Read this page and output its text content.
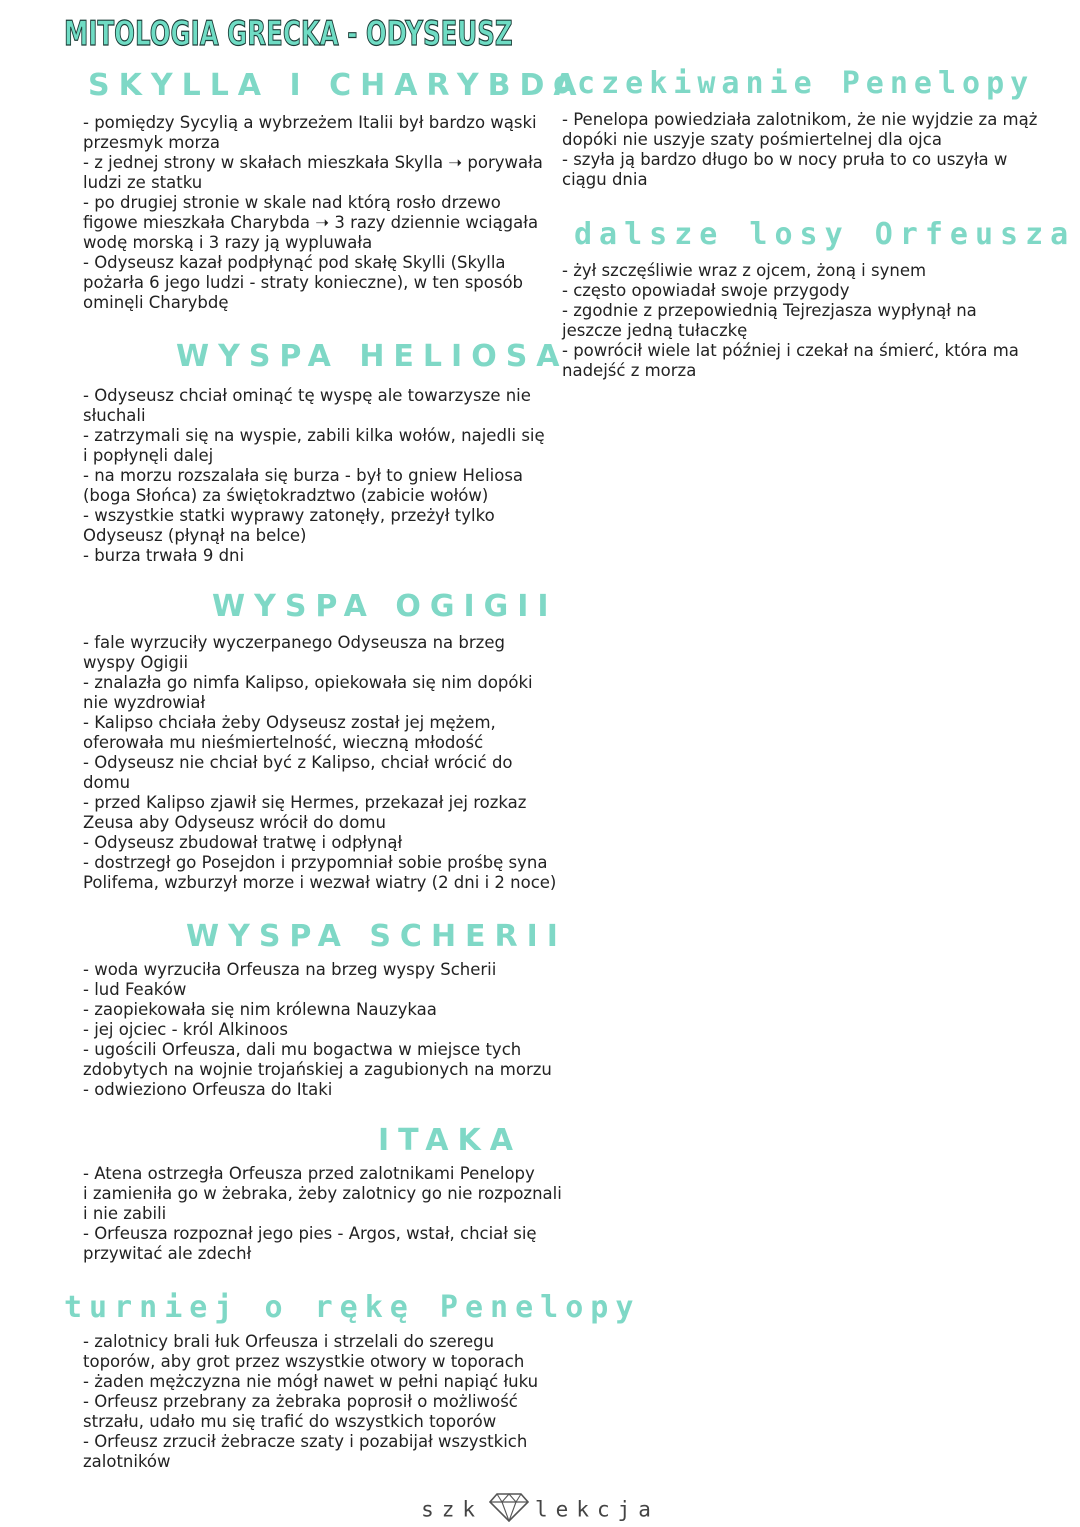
MITOLOGIA GRECKA - ODYSEUSZ
SKYLLA I CHARYBDA

- pomiędzy Sycylią a wybrzeżem Italii był bardzo wąski

przesmyk morza

- z jednej strony w skałach mieszkała Skylla ➝ porywała

ludzi ze statku

- po drugiej stronie w skale nad którą rosło drzewo

figowe mieszkała Charybda ➝ 3 razy dziennie wciągała

wodę morską i 3 razy ją wypluwała

- Odyseusz kazał podpłynąć pod skałę Skylli (Skylla

pożarła 6 jego ludzi - straty konieczne), w ten sposób

ominęli Charybdę

WYSPA HELIOSA

- Odyseusz chciał ominąć tę wyspę ale towarzysze nie

słuchali

- zatrzymali się na wyspie, zabili kilka wołów, najedli się

i popłynęli dalej

- na morzu rozszalała się burza - był to gniew Heliosa

(boga Słońca) za świętokradztwo (zabicie wołów)

- wszystkie statki wyprawy zatonęły, przeżył tylko

Odyseusz (płynął na belce)

- burza trwała 9 dni

WYSPA OGIGII

- fale wyrzuciły wyczerpanego Odyseusza na brzeg

wyspy Ogigii

- znalazła go nimfa Kalipso, opiekowała się nim dopóki

nie wyzdrowiał

- Kalipso chciała żeby Odyseusz został jej mężem,

oferowała mu nieśmiertelność, wieczną młodość

- Odyseusz nie chciał być z Kalipso, chciał wrócić do

domu

- przed Kalipso zjawił się Hermes, przekazał jej rozkaz

Zeusa aby Odyseusz wrócił do domu

- Odyseusz zbudował tratwę i odpłynął

- dostrzegł go Posejdon i przypomniał sobie prośbę syna

Polifema, wzburzył morze i wezwał wiatry (2 dni i 2 noce)

WYSPA SCHERII

- woda wyrzuciła Orfeusza na brzeg wyspy Scherii

- lud Feaków

- zaopiekowała się nim królewna Nauzykaa

- jej ojciec - król Alkinoos

- ugościli Orfeusza, dali mu bogactwa w miejsce tych

zdobytych na wojnie trojańskiej a zagubionych na morzu

- odwieziono Orfeusza do Itaki

ITAKA

- Atena ostrzegła Orfeusza przed zalotnikami Penelopy

i zamieniła go w żebraka, żeby zalotnicy go nie rozpoznali

i nie zabili

- Orfeusza rozpoznał jego pies - Argos, wstał, chciał się

przywitać ale zdechł

turniej o rękę Penelopy

- zalotnicy brali łuk Orfeusza i strzelali do szeregu

toporów, aby grot przez wszystkie otwory w toporach

- żaden mężczyzna nie mógł nawet w pełni napiąć łuku

- Orfeusz przebrany za żebraka poprosił o możliwość

strzału, udało mu się trafić do wszystkich toporów

- Orfeusz zrzucił żebracze szaty i pozabijał wszystkich

zalotników

oczekiwanie Penelopy

- Penelopa powiedziała zalotnikom, że nie wyjdzie za mąż

dopóki nie uszyje szaty pośmiertelnej dla ojca

- szyła ją bardzo długo bo w nocy pruła to co uszyła w

ciągu dnia

dalsze losy Orfeusza

- żył szczęśliwie wraz z ojcem, żoną i synem

- często opowiadał swoje przygody

- zgodnie z przepowiednią Tejrezjasza wypłynął na

jeszcze jedną tułaczkę

- powrócił wiele lat później i czekał na śmierć, która ma

nadejść z morza

szk lekcja
